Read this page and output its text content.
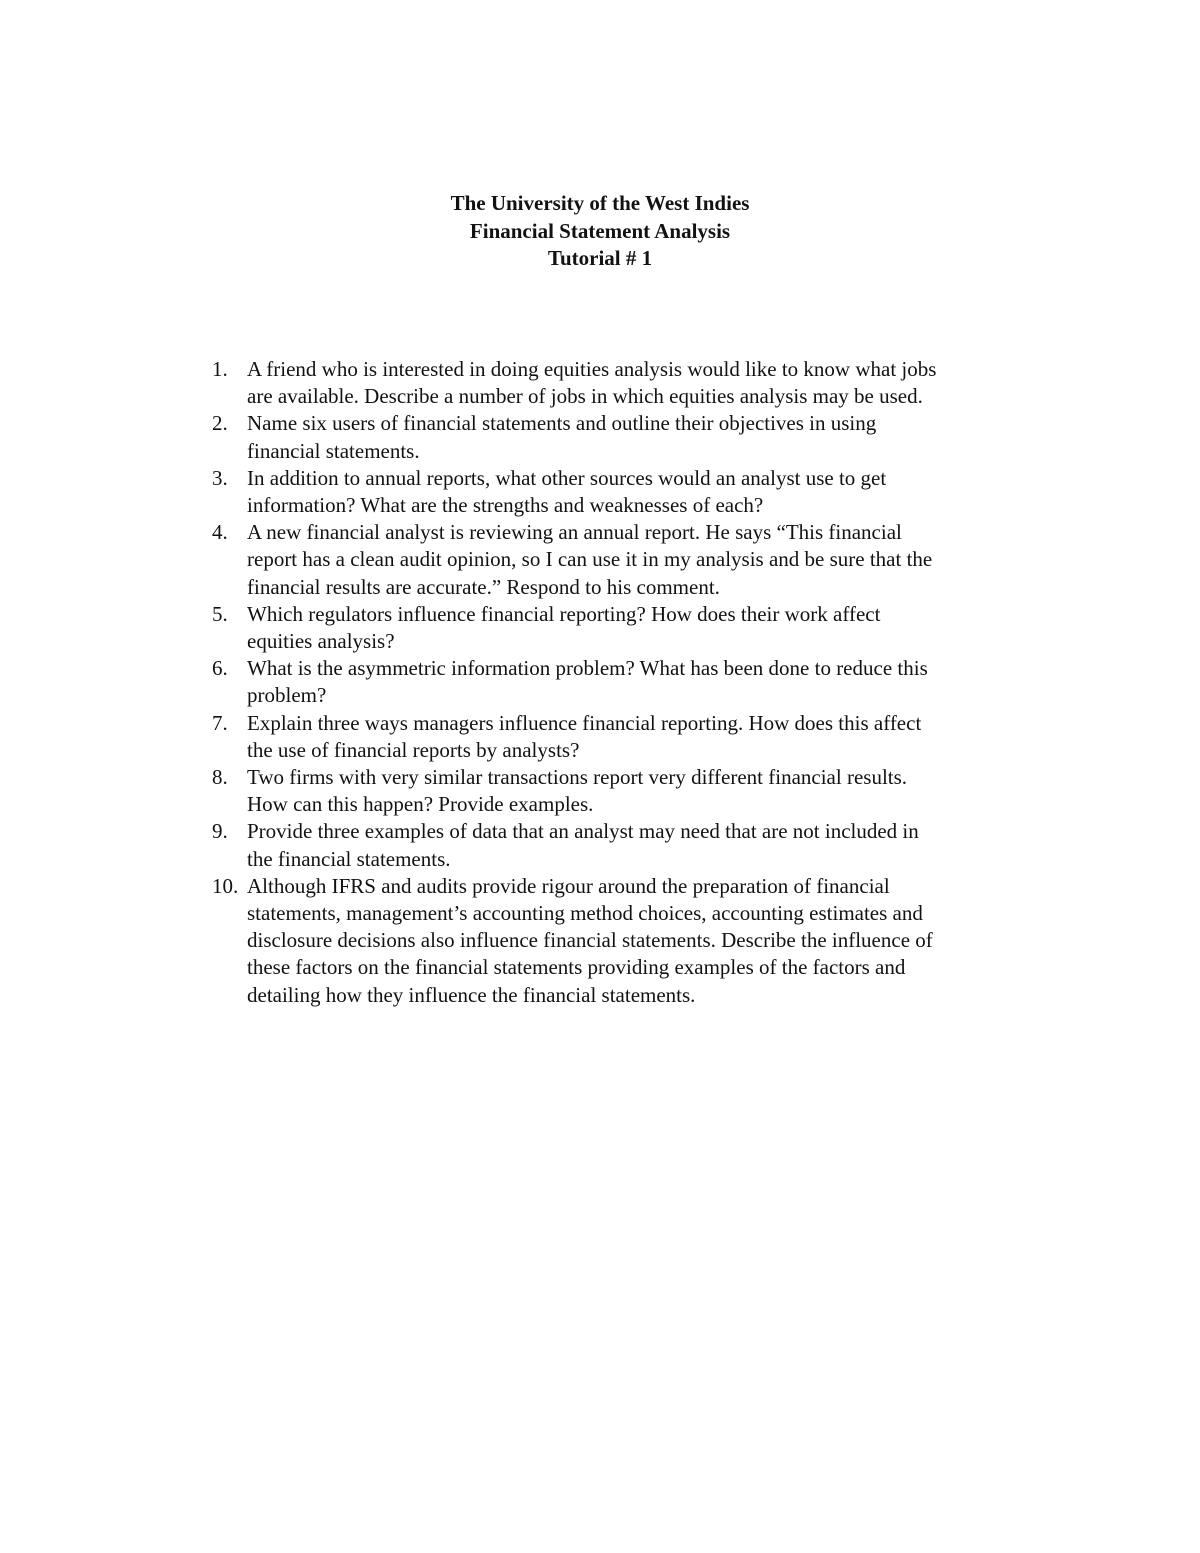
The University of the West Indies
Financial Statement Analysis
Tutorial # 1
1. A friend who is interested in doing equities analysis would like to know what jobs
are available. Describe a number of jobs in which equities analysis may be used.
2. Name six users of financial statements and outline their objectives in using
financial statements.
3. In addition to annual reports, what other sources would an analyst use to get
information? What are the strengths and weaknesses of each?
4. A new financial analyst is reviewing an annual report. He says “This financial
report has a clean audit opinion, so I can use it in my analysis and be sure that the
financial results are accurate.” Respond to his comment.
5. Which regulators influence financial reporting? How does their work affect
equities analysis?
6. What is the asymmetric information problem? What has been done to reduce this
problem?
7. Explain three ways managers influence financial reporting. How does this affect
the use of financial reports by analysts?
8. Two firms with very similar transactions report very different financial results.
How can this happen? Provide examples.
9. Provide three examples of data that an analyst may need that are not included in
the financial statements.
10. Although IFRS and audits provide rigour around the preparation of financial
statements, management’s accounting method choices, accounting estimates and
disclosure decisions also influence financial statements. Describe the influence of
these factors on the financial statements providing examples of the factors and
detailing how they influence the financial statements.
